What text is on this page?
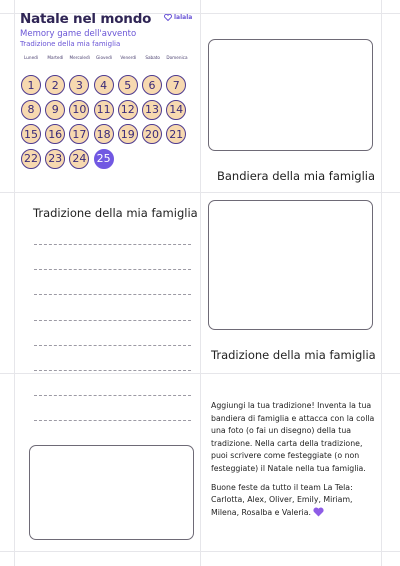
Natale nel mondo
Memory game dell'avvento
Tradizione della mia famiglia
lalala
Lunedì	Martedì	Mercoledì	Giovedì	Venerdì	Sabato	Domenica
1	2	3	4	5	6	7
8	9	10 11 12 13 14
15 16 17 18 19 20 21
22 23 24 25
Bandiera della mia famiglia
Tradizione della mia famiglia
Tradizione della mia famiglia

Aggiungi la tua tradizione! Inventa la tua bandiera di famiglia e attacca con la colla una foto (o fai un disegno) della tua tradizione. Nella carta della tradizione, puoi scrivere come festeggiate (o non festeggiate) il Natale nella tua famiglia.

Buone feste da tutto il team La Tela: Carlotta, Alex, Oliver, Emily, Miriam, Milena, Rosalba e Valeria.
